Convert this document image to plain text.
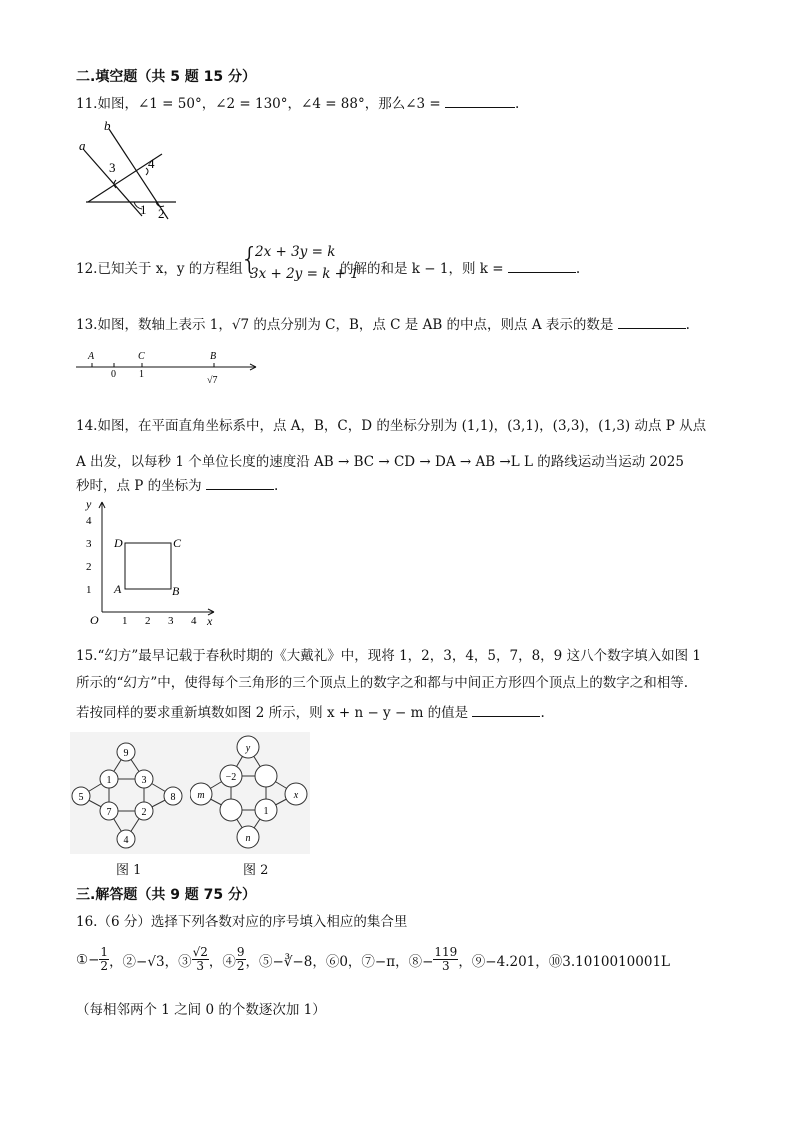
二.填空题（共 5 题 15 分）
11.如图，∠1 = 50°，∠2 = 130°，∠4 = 88°，那么∠3 =	.
a
b
3	4
1 2
12.已知关于 x，y 的方程组
{
2x + 3y = k
3x + 2y = k + 1
的解的和是 k − 1，则 k =	.
13.如图，数轴上表示 1，√7 的点分别为 C，B，点 C 是 AB 的中点，则点 A 表示的数是	.
A	C	B
0 1
√7
14.如图，在平面直角坐标系中，点 A，B，C，D 的坐标分别为 (1,1)，(3,1)，(3,3)，(1,3) 动点 P 从点
A 出发，以每秒 1 个单位长度的速度沿 AB → BC → CD → DA → AB →L L 的路线运动当运动 2025
秒时，点 P 的坐标为	.
y
x
O 1 2 3 4
1
2
3
4
A	B
C
D
15.“幻方”最早记载于春秋时期的《大戴礼》中，现将 1，2，3，4，5，7，8，9 这八个数字填入如图 1
所示的“幻方”中，使得每个三角形的三个顶点上的数字之和都与中间正方形四个顶点上的数字之和相等.
若按同样的要求重新填数如图 2 所示，则 x + n − y − m 的值是	.
9
1	3
5	8
7	2
4
图 1
y
−2
m	x
1
n
图 2
三.解答题（共 9 题 75 分）
16.（6 分）选择下列各数对应的序号填入相应的集合里
①− $\frac{1}{2}$ ，②−√3，③ $\frac{√2}{3}$ ，④ $\frac{9}{2}$ ，⑤−∛−8，⑥0，⑦−π，⑧− $\frac{119}{3}$ ，⑨−4.201，⑩3.1010010001L
（每相邻两个 1 之间 0 的个数逐次加 1）
